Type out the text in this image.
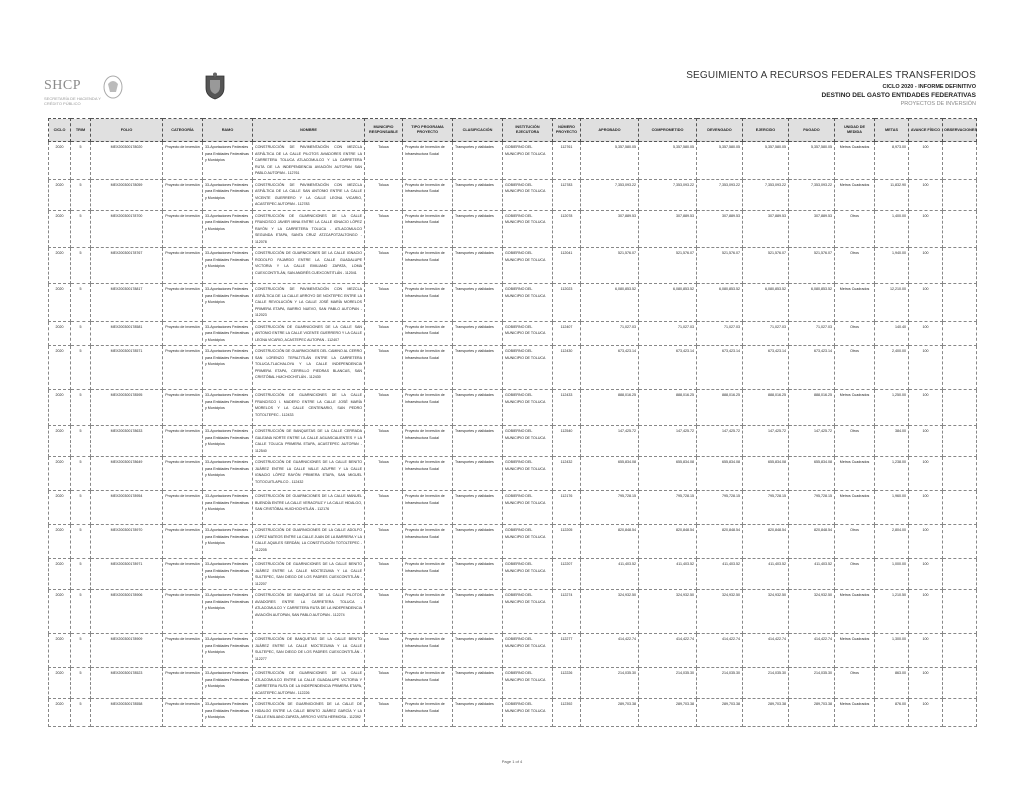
SHCP
SECRETARÍA DE HACIENDA Y CRÉDITO PÚBLICO
SEGUIMIENTO A RECURSOS FEDERALES TRANSFERIDOS
CICLO 2020 - INFORME DEFINITIVO
DESTINO DEL GASTO ENTIDADES FEDERATIVAS
PROYECTOS DE INVERSIÓN
CICLO	TRIM	FOLIO	CATEGORÍA	RAMO	NOMBRE	MUNICIPIO RESPONSABLE	TIPO PROGRAMA PROYECTO	CLASIFICACIÓN	INSTITUCIÓN EJECUTORA	NÚMERO PROYECTO	APROBADO	COMPROMETIDO	DEVENGADO	EJERCIDO	PAGADO	UNIDAD DE MEDIDA	METAS	AVANCE FÍSICO	OBSERVACIONES
2020	5	MEX200300178020	Proyecto de inversión	33-Aportaciones Federales para Entidades Federativas y Municipios	CONSTRUCCIÓN DE PAVIMENTACIÓN CON MEZCLA ASFÁLTICA DE LA CALLE PILOTOS AVIADORES ENTRE LA CARRETERA TOLUCA ATLACOMULCO Y LA CARRETERA RUTA DE LA INDEPENDENCIA AVIACIÓN AUTOPAN SAN PABLO AUTOPAN - 112761	Toluca	Proyecto de Inversión de Infraestructura Social	Transportes y vialidades	GOBIERNO DEL MUNICIPIO DE TOLUCA	112761	5,357,580.05	5,357,580.05	5,357,580.05	5,357,580.05	5,357,580.05	Metros Cuadrados	8,973.00	100	
2020	5	MEX200300178059	Proyecto de inversión	33-Aportaciones Federales para Entidades Federativas y Municipios	CONSTRUCCIÓN DE PAVIMENTACIÓN CON MEZCLA ASFÁLTICA DE LA CALLE SAN ANTONIO ENTRE LA CALLE VICENTE GUERRERO Y LA CALLE LEONA VICARIO, ACASTEPEC AUTOPAN - 112783	Toluca	Proyecto de Inversión de Infraestructura Social	Transportes y vialidades	GOBIERNO DEL MUNICIPIO DE TOLUCA	112783	7,353,093.22	7,353,093.22	7,353,093.22	7,353,093.22	7,353,093.22	Metros Cuadrados	11,832.90	100	
2020	5	MEX200300178700	Proyecto de inversión	33-Aportaciones Federales para Entidades Federativas y Municipios	CONSTRUCCIÓN DE GUARNICIONES DE LA CALLE FRANCISCO JAVIER MINA ENTRE LA CALLE IGNACIO LÓPEZ RAYÓN Y LA CARRETERA TOLUCA - ATLACOMULCO SEGUNDA ETAPA, SANTA CRUZ ATZCAPOTZALTONGO - 112078	Toluca	Proyecto de Inversión de Infraestructura Social	Transportes y vialidades	GOBIERNO DEL MUNICIPIO DE TOLUCA	112078	307,889.53	307,889.53	307,889.53	307,889.53	307,889.53	Otros	1,400.00	100	
2020	5	MEX200300178767	Proyecto de inversión	33-Aportaciones Federales para Entidades Federativas y Municipios	CONSTRUCCIÓN DE GUARNICIONES DE LA CALLE IGNACIO RODOLFO FAJARDO ENTRE LA CALLE GUADALUPE VICTORIA Y LA CALLE EMILIANO ZAPATA, LOMA CUEXCONTITLÁN, SAN ANDRÉS CUEXCONTITLÁN - 112041	Toluca	Proyecto de Inversión de Infraestructura Social	Transportes y vialidades	GOBIERNO DEL MUNICIPIO DE TOLUCA	112041	521,576.07	521,576.07	521,576.07	521,576.07	521,576.07	Otros	1,940.00	100	
2020	5	MEX200300178817	Proyecto de inversión	33-Aportaciones Federales para Entidades Federativas y Municipios	CONSTRUCCIÓN DE PAVIMENTACIÓN CON MEZCLA ASFÁLTICA DE LA CALLE ARROYO DE NOXTEPEC ENTRE LA CALLE REVOLUCIÓN Y LA CALLE JOSÉ MARÍA MORELOS PRIMERA ETAPA, BARRIO NUEVO, SAN PABLO AUTOPAN - 112023	Toluca	Proyecto de Inversión de Infraestructura Social	Transportes y vialidades	GOBIERNO DEL MUNICIPIO DE TOLUCA	112023	6,080,853.52	6,080,853.52	6,080,853.52	6,080,853.52	6,080,853.52	Metros Cuadrados	12,210.00	100	
2020	5	MEX200300178581	Proyecto de inversión	33-Aportaciones Federales para Entidades Federativas y Municipios	CONSTRUCCIÓN DE GUARNICIONES DE LA CALLE SAN ANTONIO ENTRE LA CALLE VICENTE GUERRERO Y LA CALLE LEONA VICARIO, ACASTEPEC AUTOPAN - 112407	Toluca	Proyecto de Inversión de Infraestructura Social	Transportes y vialidades	GOBIERNO DEL MUNICIPIO DE TOLUCA	112407	71,027.03	71,027.03	71,027.03	71,027.03	71,027.03	Otros	140.40	100	
2020	5	MEX200300178571	Proyecto de inversión	33-Aportaciones Federales para Entidades Federativas y Municipios	CONSTRUCCIÓN DE GUARNICIONES DEL CAMINO AL CERRO SAN LORENZO TEPALTITLÁN ENTRE LA CARRETERA TOLUCA-TLACHALOYA Y LA CALLE INDEPENDENCIA PRIMERA ETAPA, CERRILLO PIEDRAS BLANCAS, SAN CRISTÓBAL HUICHOCHITLÁN - 112430	Toluca	Proyecto de Inversión de Infraestructura Social	Transportes y vialidades	GOBIERNO DEL MUNICIPIO DE TOLUCA	112430	673,423.14	673,423.14	673,423.14	673,423.14	673,423.14	Otros	2,400.00	100	
2020	5	MEX200300178595	Proyecto de inversión	33-Aportaciones Federales para Entidades Federativas y Municipios	CONSTRUCCIÓN DE GUARNICIONES DE LA CALLE FRANCISCO I. MADERO ENTRE LA CALLE JOSÉ MARÍA MORELOS Y LA CALLE CENTENARIO, SAN PEDRO TOTOLTEPEC - 112433	Toluca	Proyecto de Inversión de Infraestructura Social	Transportes y vialidades	GOBIERNO DEL MUNICIPIO DE TOLUCA	112433	888,016.25	888,016.25	888,016.25	888,016.25	888,016.25	Metros Cuadrados	1,250.00	100	
2020	5	MEX200300178633	Proyecto de inversión	33-Aportaciones Federales para Entidades Federativas y Municipios	CONSTRUCCIÓN DE BANQUETAS DE LA CALLE CERRADA GALEANA NORTE ENTRE LA CALLE AGUASCALIENTES Y LA CALLE TOLUCA PRIMERA ETAPA, ACASTEPEC AUTOPAN - 112540	Toluca	Proyecto de Inversión de Infraestructura Social	Transportes y vialidades	GOBIERNO DEL MUNICIPIO DE TOLUCA	112540	147,425.72	147,425.72	147,425.72	147,425.72	147,425.72	Otros	384.00	100	
2020	5	MEX200300178649	Proyecto de inversión	33-Aportaciones Federales para Entidades Federativas y Municipios	CONSTRUCCIÓN DE GUARNICIONES DE LA CALLE BENITO JUÁREZ ENTRE LA CALLE VALLE AZUFRE Y LA CALLE IGNACIO LÓPEZ RAYÓN PRIMERA ETAPA, SAN MIGUEL TOTOCUITLAPILCO - 112432	Toluca	Proyecto de Inversión de Infraestructura Social	Transportes y vialidades	GOBIERNO DEL MUNICIPIO DE TOLUCA	112432	655,834.08	655,834.08	655,834.08	655,834.08	655,834.08	Metros Cuadrados	1,238.00	100	
2020	5	MEX200300178954	Proyecto de inversión	33-Aportaciones Federales para Entidades Federativas y Municipios	CONSTRUCCIÓN DE GUARNICIONES DE LA CALLE MANUEL BUENDÍA ENTRE LA CALLE VERACRUZ Y LA CALLE HIDALGO, SAN CRISTÓBAL HUICHOCHITLÁN - 112176	Toluca	Proyecto de Inversión de Infraestructura Social	Transportes y vialidades	GOBIERNO DEL MUNICIPIO DE TOLUCA	112176	795,728.15	795,728.15	795,728.15	795,728.15	795,728.15	Metros Cuadrados	1,960.00	100	
2020	5	MEX200300178970	Proyecto de inversión	33-Aportaciones Federales para Entidades Federativas y Municipios	CONSTRUCCIÓN DE GUARNICIONES DE LA CALLE ADOLFO LÓPEZ MATEOS ENTRE LA CALLE JUAN DE LA BARRERA Y LA CALLE AQUILES SERDÁN, LA CONSTITUCIÓN TOTOLTEPEC - 112205	Toluca	Proyecto de Inversión de Infraestructura Social	Transportes y vialidades	GOBIERNO DEL MUNICIPIO DE TOLUCA	112205	820,848.54	820,848.54	820,848.54	820,848.54	820,848.54	Otros	2,804.00	100	
2020	5	MEX200300178971	Proyecto de inversión	33-Aportaciones Federales para Entidades Federativas y Municipios	CONSTRUCCIÓN DE GUARNICIONES DE LA CALLE BENITO JUÁREZ ENTRE LA CALLE MOCTEZUMA Y LA CALLE SULTEPEC, SAN DIEGO DE LOS PADRES CUEXCONTITLÁN - 112207	Toluca	Proyecto de Inversión de Infraestructura Social	Transportes y vialidades	GOBIERNO DEL MUNICIPIO DE TOLUCA	112207	411,403.52	411,403.52	411,403.52	411,403.52	411,403.52	Otros	1,000.00	100	
2020	5	MEX200300178906	Proyecto de inversión	33-Aportaciones Federales para Entidades Federativas y Municipios	CONSTRUCCIÓN DE BANQUETAS DE LA CALLE PILOTOS AVIADORES ENTRE LA CARRETERA TOLUCA - ATLACOMULCO Y CARRETERA RUTA DE LA INDEPENDENCIA AVIACIÓN AUTOPAN, SAN PABLO AUTOPAN - 112274	Toluca	Proyecto de Inversión de Infraestructura Social	Transportes y vialidades	GOBIERNO DEL MUNICIPIO DE TOLUCA	112274	324,932.50	324,932.50	324,932.50	324,932.50	324,932.50	Metros Cuadrados	1,210.50	100	
2020	5	MEX200300178909	Proyecto de inversión	33-Aportaciones Federales para Entidades Federativas y Municipios	CONSTRUCCIÓN DE BANQUETAS DE LA CALLE BENITO JUÁREZ ENTRE LA CALLE MOCTEZUMA Y LA CALLE SULTEPEC, SAN DIEGO DE LOS PADRES CUEXCONTITLÁN - 112277	Toluca	Proyecto de Inversión de Infraestructura Social	Transportes y vialidades	GOBIERNO DEL MUNICIPIO DE TOLUCA	112277	414,422.74	414,422.74	414,422.74	414,422.74	414,422.74	Metros Cuadrados	1,300.00	100	
2020	5	MEX200300178523	Proyecto de inversión	33-Aportaciones Federales para Entidades Federativas y Municipios	CONSTRUCCIÓN DE GUARNICIONES DE LA CALLE ATLACOMULCO ENTRE LA CALLE GUADALUPE VICTORIA Y CARRETERA RUTA DE LA INDEPENDENCIA PRIMERA ETAPA, ACASTEPEC AUTOPAN - 112226	Toluca	Proyecto de Inversión de Infraestructura Social	Transportes y vialidades	GOBIERNO DEL MUNICIPIO DE TOLUCA	112226	214,035.30	214,035.30	214,035.30	214,035.30	214,035.30	Otros	863.00	100	
2020	5	MEX200300178558	Proyecto de inversión	33-Aportaciones Federales para Entidades Federativas y Municipios	CONSTRUCCIÓN DE GUARNICIONES DE LA CALLE DE HIDALGO ENTRE LA CALLE BENITO JUÁREZ GARCÍA Y LA CALLE EMILIANO ZAPATA, ARROYO VISTA HERMOSA - 112392	Toluca	Proyecto de Inversión de Infraestructura Social	Transportes y vialidades	GOBIERNO DEL MUNICIPIO DE TOLUCA	112392	289,703.38	289,703.38	289,703.38	289,703.38	289,703.38	Metros Cuadrados	876.00	100	
Page 1 of 4
